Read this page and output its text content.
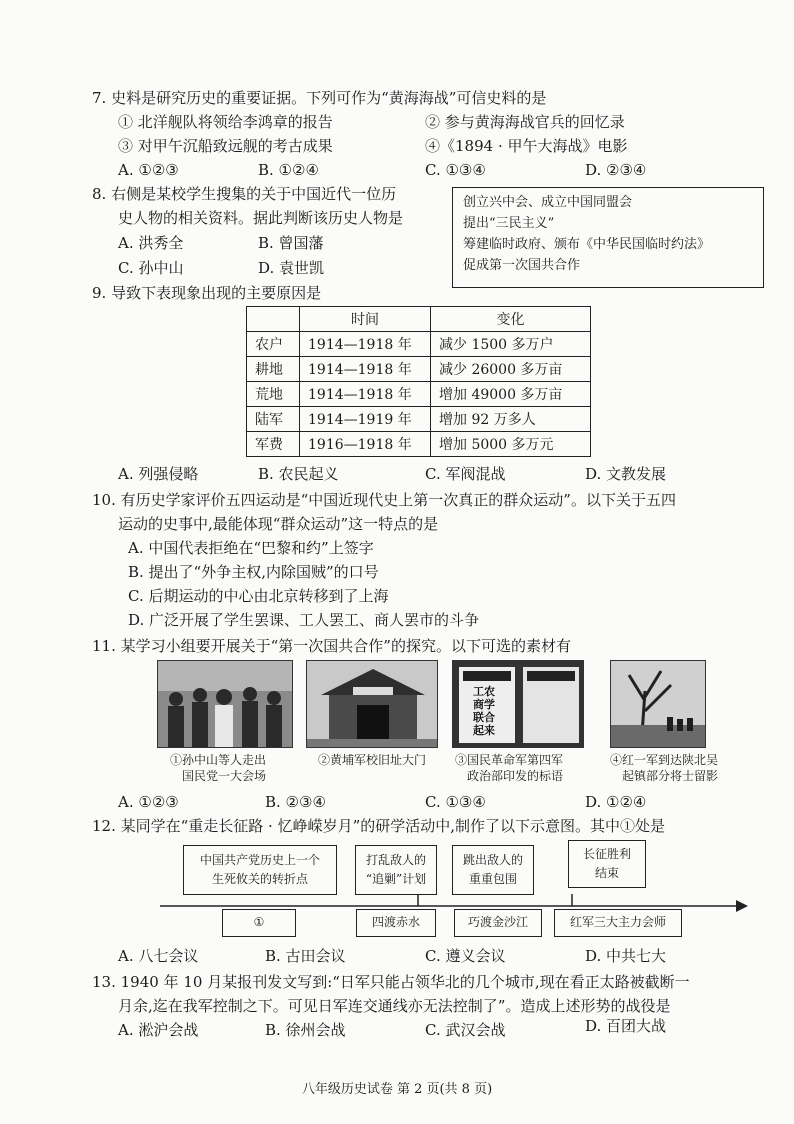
7. 史料是研究历史的重要证据。下列可作为“黄海海战”可信史料的是
① 北洋舰队将领给李鸿章的报告	② 参与黄海海战官兵的回忆录
③ 对甲午沉船致远舰的考古成果	④《1894 · 甲午大海战》电影
A. ①②③	B. ①②④	C. ①③④	D. ②③④
8. 右侧是某校学生搜集的关于中国近代一位历
史人物的相关资料。据此判断该历史人物是
A. 洪秀全	B. 曾国藩
C. 孙中山	D. 袁世凯
创立兴中会、成立中国同盟会
提出“三民主义”
筹建临时政府、颁布《中华民国临时约法》
促成第一次国共合作
9. 导致下表现象出现的主要原因是
	时间	变化
农户	1914—1918 年	减少 1500 多万户
耕地	1914—1918 年	减少 26000 多万亩
荒地	1914—1918 年	增加 49000 多万亩
陆军	1914—1919 年	增加 92 万多人
军费	1916—1918 年	增加 5000 多万元
A. 列强侵略	B. 农民起义	C. 军阀混战	D. 文教发展
10. 有历史学家评价五四运动是“中国近现代史上第一次真正的群众运动”。以下关于五四
运动的史事中,最能体现“群众运动”这一特点的是
A. 中国代表拒绝在“巴黎和约”上签字
B. 提出了“外争主权,内除国贼”的口号
C. 后期运动的中心由北京转移到了上海
D. 广泛开展了学生罢课、工人罢工、商人罢市的斗争
11. 某学习小组要开展关于“第一次国共合作”的探究。以下可选的素材有
工农
商学
联合
起来
①孙中山等人走出
国民党一大会场
②黄埔军校旧址大门 ③国民革命军第四军
政治部印发的标语
④红一军到达陕北吴
起镇部分将士留影
A. ①②③	B. ②③④	C. ①③④	D. ①②④
12. 某同学在“重走长征路 · 忆峥嵘岁月”的研学活动中,制作了以下示意图。其中①处是
中国共产党历史上一个
生死攸关的转折点
打乱敌人的
“追剿”计划
跳出敌人的
重重包围
长征胜利
结束
①	四渡赤水	巧渡金沙江	红军三大主力会师
A. 八七会议	B. 古田会议	C. 遵义会议	D. 中共七大
13. 1940 年 10 月某报刊发文写到:“日军只能占领华北的几个城市,现在看正太路被截断一
月余,迄在我军控制之下。可见日军连交通线亦无法控制了”。造成上述形势的战役是
A. 淞沪会战	B. 徐州会战	C. 武汉会战	D. 百团大战
八年级历史试卷 第 2 页(共 8 页)
